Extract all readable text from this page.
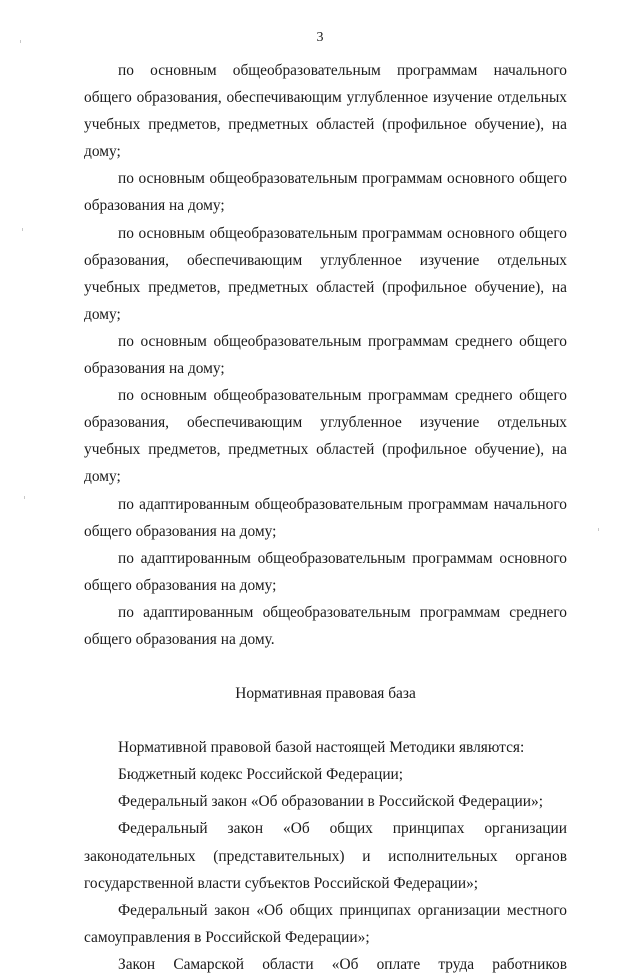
3

по основным общеобразовательным программам начального общего образования, обеспечивающим углубленное изучение отдельных учебных предметов, предметных областей (профильное обучение), на дому;

по основным общеобразовательным программам основного общего образования на дому;

по основным общеобразовательным программам основного общего образования, обеспечивающим углубленное изучение отдельных учебных предметов, предметных областей (профильное обучение), на дому;

по основным общеобразовательным программам среднего общего образования на дому;

по основным общеобразовательным программам среднего общего образования, обеспечивающим углубленное изучение отдельных учебных предметов, предметных областей (профильное обучение), на дому;

по адаптированным общеобразовательным программам начального общего образования на дому;

по адаптированным общеобразовательным программам основного общего образования на дому;

по адаптированным общеобразовательным программам среднего общего образования на дому.

Нормативная правовая база

Нормативной правовой базой настоящей Методики являются:

Бюджетный кодекс Российской Федерации;

Федеральный закон «Об образовании в Российской Федерации»;

Федеральный закон «Об общих принципах организации законодательных (представительных) и исполнительных органов государственной власти субъектов Российской Федерации»;

Федеральный закон «Об общих принципах организации местного самоуправления в Российской Федерации»;

Закон Самарской области «Об оплате труда работников
